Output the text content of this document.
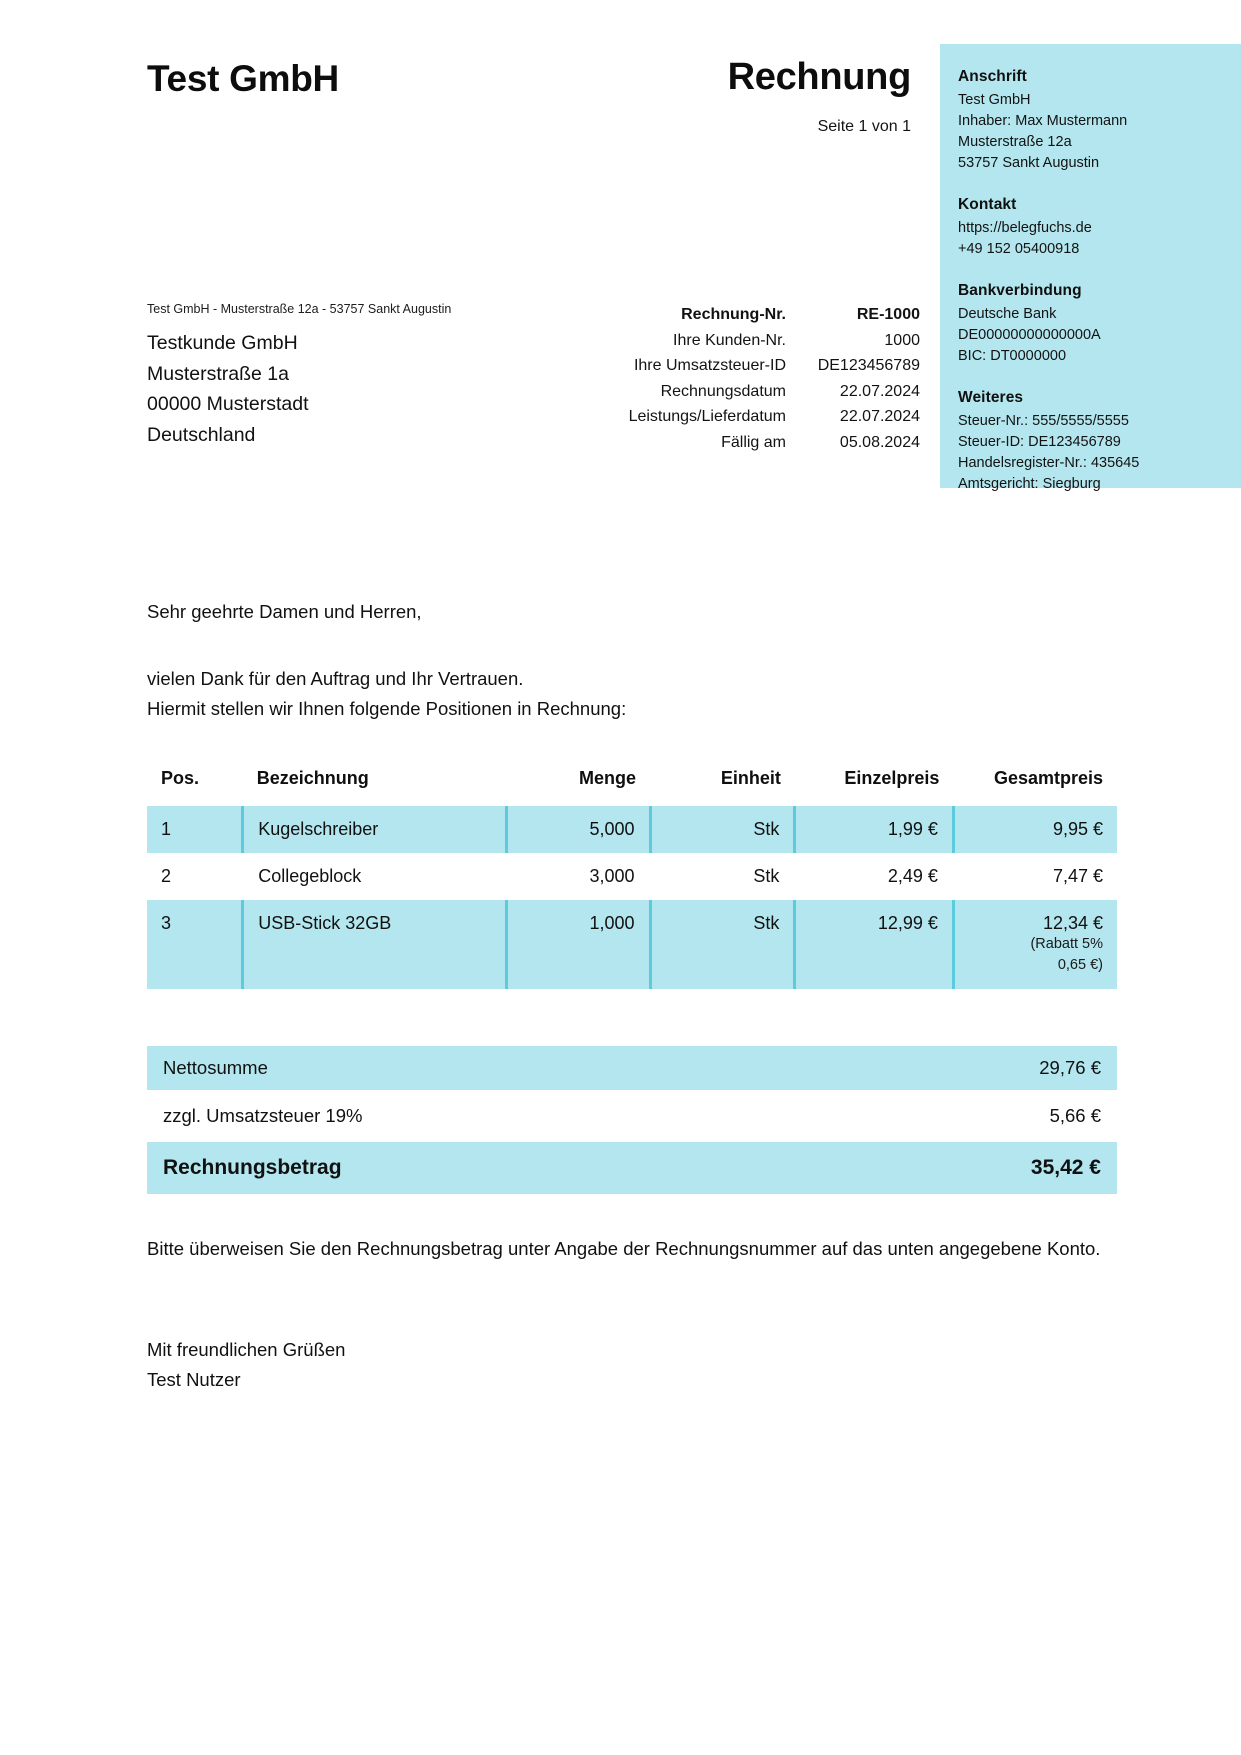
Test GmbH	Rechnung
Seite 1 von 1
Anschrift
Test GmbH
Inhaber: Max Mustermann
Musterstraße 12a
53757 Sankt Augustin
Kontakt
https://belegfuchs.de
+49 152 05400918
Bankverbindung
Deutsche Bank
DE00000000000000A
BIC: DT0000000
Weiteres
Steuer-Nr.: 555/5555/5555
Steuer-ID: DE123456789
Handelsregister-Nr.: 435645
Amtsgericht: Siegburg
Test GmbH - Musterstraße 12a - 53757 Sankt Augustin
Testkunde GmbH
Musterstraße 1a
00000 Musterstadt
Deutschland
Rechnung-Nr.	RE-1000
Ihre Kunden-Nr.	1000
Ihre Umsatzsteuer-ID	DE123456789
Rechnungsdatum	22.07.2024
Leistungs/Lieferdatum	22.07.2024
Fällig am	05.08.2024
Sehr geehrte Damen und Herren,
vielen Dank für den Auftrag und Ihr Vertrauen.
Hiermit stellen wir Ihnen folgende Positionen in Rechnung:
Pos.	Bezeichnung	Menge	Einheit	Einzelpreis	Gesamtpreis
1	Kugelschreiber	5,000	Stk	1,99 €	9,95 €
2	Collegeblock	3,000	Stk	2,49 €	7,47 €
3	USB-Stick 32GB	1,000	Stk	12,99 €	12,34 €
(Rabatt 5%
0,65 €)
Nettosumme	29,76 €

zzgl. Umsatzsteuer 19%	5,66 €

Rechnungsbetrag	35,42 €
Bitte überweisen Sie den Rechnungsbetrag unter Angabe der Rechnungsnummer auf das unten angegebene Konto.
Mit freundlichen Grüßen
Test Nutzer
